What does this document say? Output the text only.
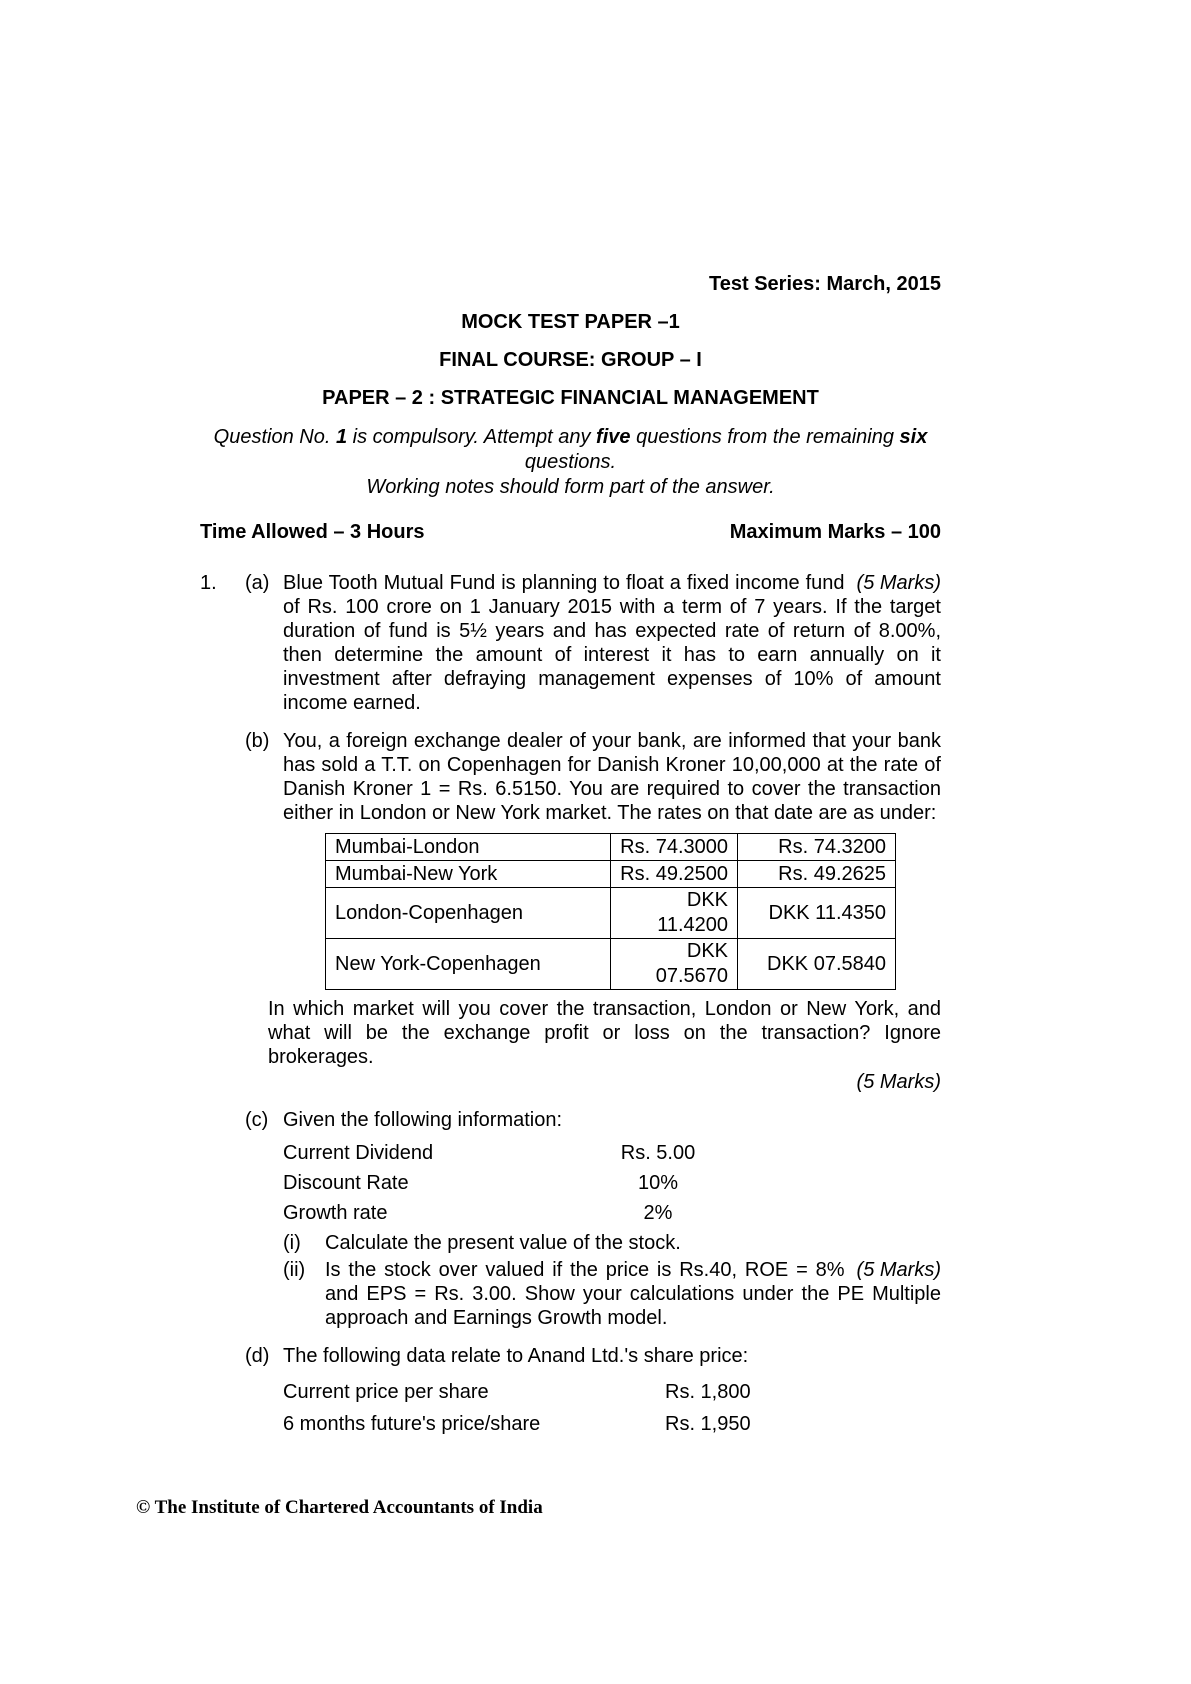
Test Series: March, 2015
MOCK TEST PAPER –1
FINAL COURSE: GROUP – I
PAPER – 2 : STRATEGIC FINANCIAL MANAGEMENT
Question No. 1 is compulsory. Attempt any five questions from the remaining six questions.
Working notes should form part of the answer.
Time Allowed – 3 Hours	Maximum Marks – 100
1.	(a)	(5 Marks)
Blue Tooth Mutual Fund is planning to float a fixed income fund of Rs. 100 crore on 1 January 2015 with a term of 7 years. If the target duration of fund is 5½ years and has expected rate of return of 8.00%, then determine the amount of interest it has to earn annually on it investment after defraying management expenses of 10% of amount income earned.

(b) You, a foreign exchange dealer of your bank, are informed that your bank has sold a T.T. on Copenhagen for Danish Kroner 10,00,000 at the rate of Danish Kroner 1 = Rs. 6.5150. You are required to cover the transaction either in London or New York market. The rates on that date are as under:

Mumbai-London	Rs. 74.3000	Rs. 74.3200
Mumbai-New York	Rs. 49.2500	Rs. 49.2625
London-Copenhagen	DKK 11.4200	DKK 11.4350
New York-Copenhagen	DKK 07.5670	DKK 07.5840

In which market will you cover the transaction, London or New York, and what will be the exchange profit or loss on the transaction? Ignore brokerages.

(5 Marks)
(c) Given the following information:

Current Dividend	Rs. 5.00
Discount Rate	10%
Growth rate	2%
(i)	Calculate the present value of the stock.
(ii)	(5 Marks)
Is the stock over valued if the price is Rs.40, ROE = 8% and EPS = Rs. 3.00. Show your calculations under the PE Multiple approach and Earnings Growth model.
(d) The following data relate to Anand Ltd.'s share price:

Current price per share	Rs. 1,800
6 months future's price/share	Rs. 1,950
© The Institute of Chartered Accountants of India
